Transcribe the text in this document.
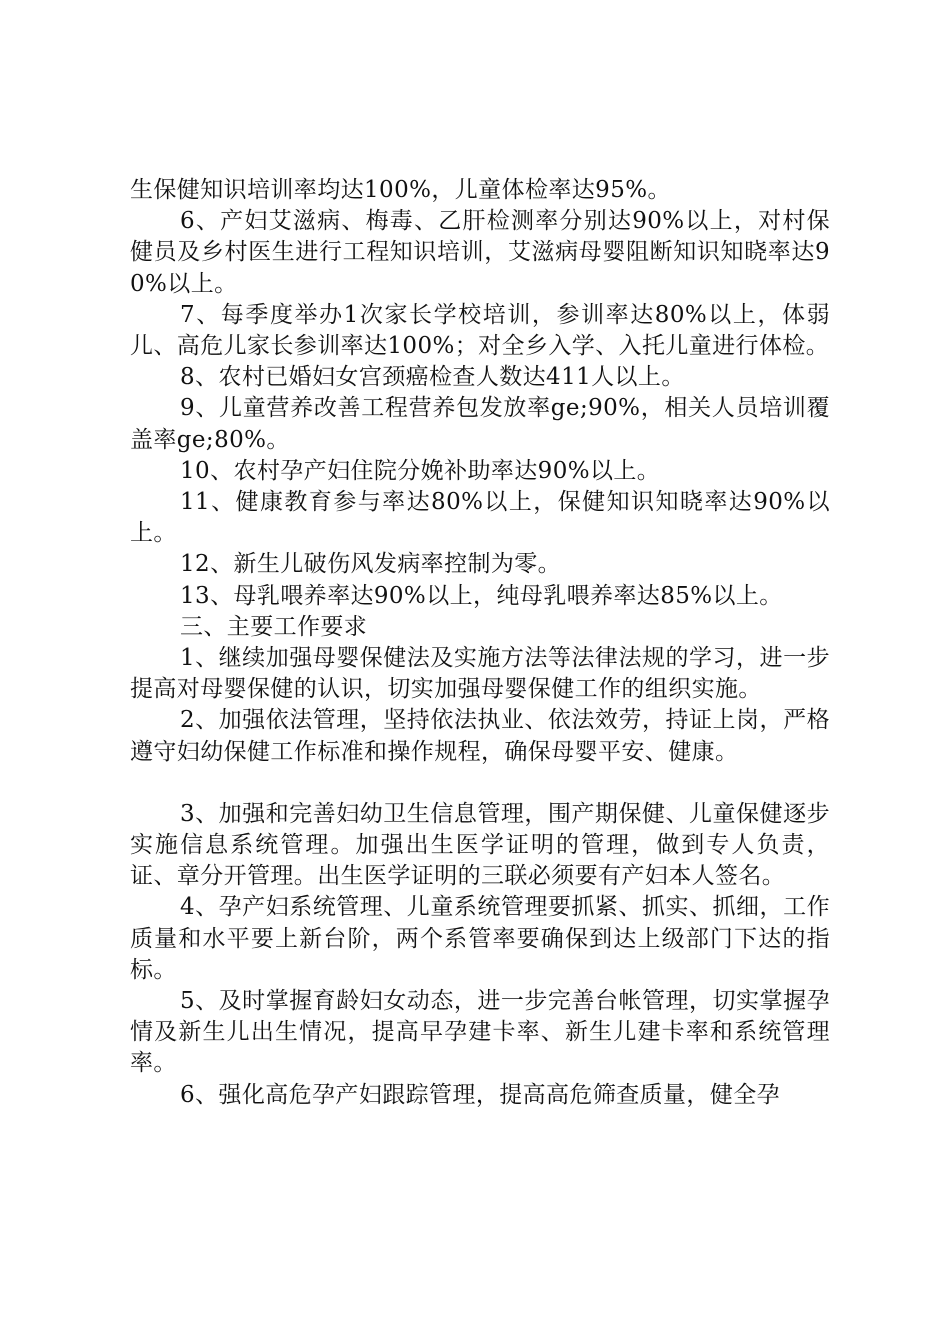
生保健知识培训率均达100%，儿童体检率达95%。

6、产妇艾滋病、梅毒、乙肝检测率分别达90%以上，对村保健员及乡村医生进行工程知识培训，艾滋病母婴阻断知识知晓率达90%以上。

7、每季度举办1次家长学校培训，参训率达80%以上，体弱儿、高危儿家长参训率达100%；对全乡入学、入托儿童进行体检。

8、农村已婚妇女宫颈癌检查人数达411人以上。

9、儿童营养改善工程营养包发放率ge;90%，相关人员培训覆盖率ge;80%。

10、农村孕产妇住院分娩补助率达90%以上。

11、健康教育参与率达80%以上，保健知识知晓率达90%以上。

12、新生儿破伤风发病率控制为零。

13、母乳喂养率达90%以上，纯母乳喂养率达85%以上。

三、主要工作要求

1、继续加强母婴保健法及实施方法等法律法规的学习，进一步提高对母婴保健的认识，切实加强母婴保健工作的组织实施。

2、加强依法管理，坚持依法执业、依法效劳，持证上岗，严格遵守妇幼保健工作标准和操作规程，确保母婴平安、健康。

3、加强和完善妇幼卫生信息管理，围产期保健、儿童保健逐步实施信息系统管理。加强出生医学证明的管理，做到专人负责，证、章分开管理。出生医学证明的三联必须要有产妇本人签名。

4、孕产妇系统管理、儿童系统管理要抓紧、抓实、抓细，工作质量和水平要上新台阶，两个系管率要确保到达上级部门下达的指标。

5、及时掌握育龄妇女动态，进一步完善台帐管理，切实掌握孕情及新生儿出生情况，提高早孕建卡率、新生儿建卡率和系统管理率。

6、强化高危孕产妇跟踪管理，提高高危筛查质量，健全孕
